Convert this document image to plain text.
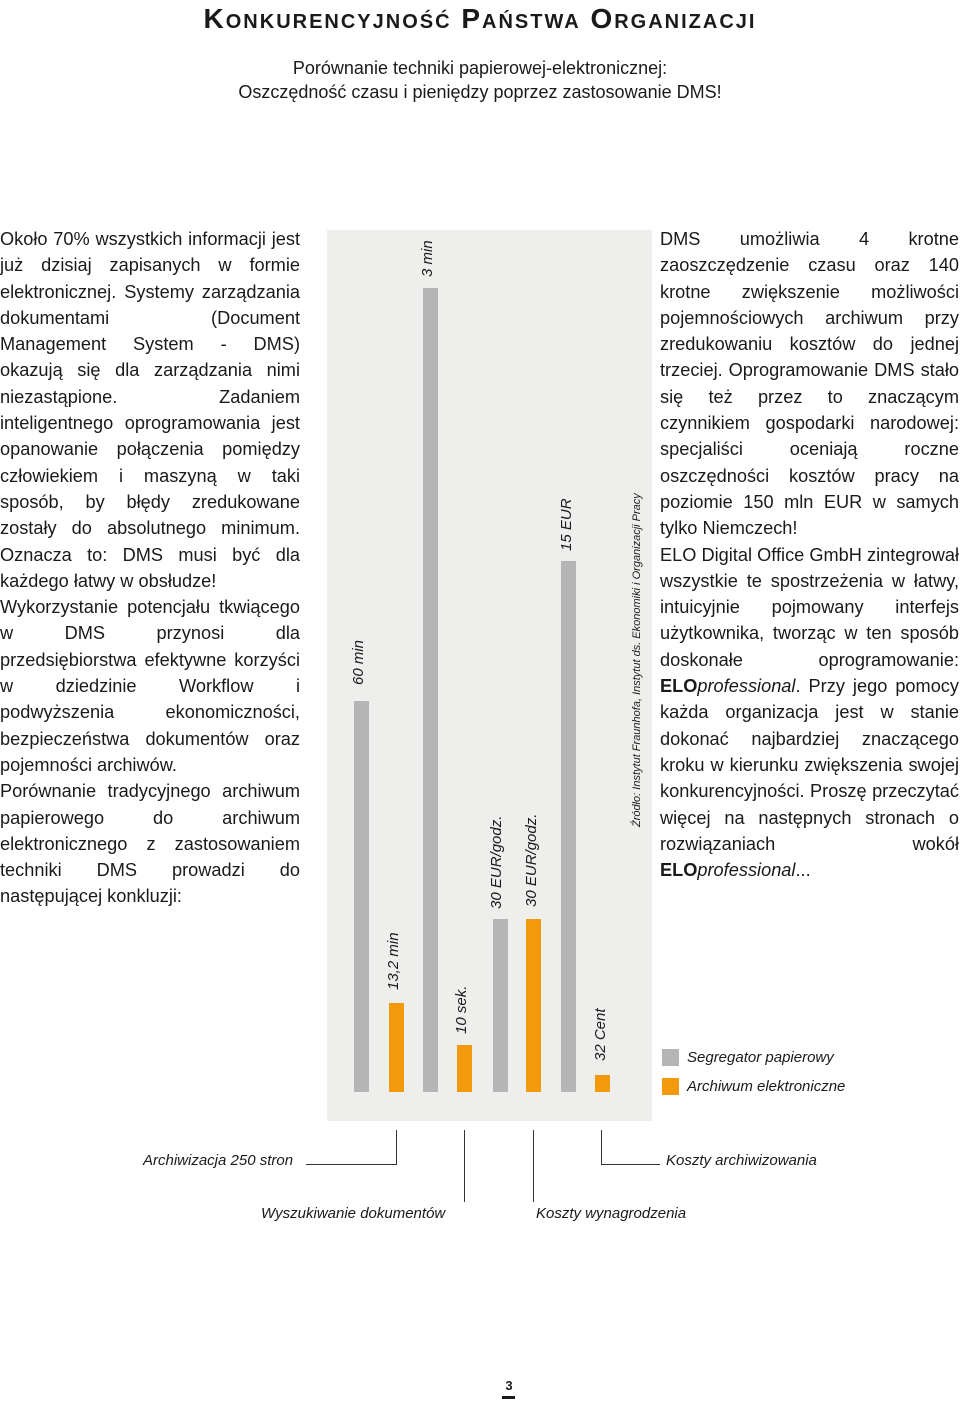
Konkurencyjność Państwa Organizacji
Porównanie techniki papierowej-elektronicznej:
Oszczędność czasu i pieniędzy poprzez zastosowanie DMS!

Około 70% wszystkich informacji jest już dzisiaj zapisanych w formie elektronicznej. Systemy zarządzania dokumentami (Document Management System - DMS) okazują się dla zarządzania nimi niezastąpione. Zadaniem inteligentnego oprogramowania jest opanowanie połączenia pomiędzy człowiekiem i maszyną w taki sposób, by błędy zredukowane zostały do absolutnego minimum. Oznacza to: DMS musi być dla każdego łatwy w obsłudze!

Wykorzystanie potencjału tkwiącego w DMS przynosi dla przedsiębiorstwa efektywne korzyści w dziedzinie Workflow i podwyższenia ekonomiczności, bezpieczeństwa dokumentów oraz pojemności archiwów.

Porównanie tradycyjnego archiwum papierowego do archiwum elektronicznego z zastosowaniem techniki DMS prowadzi do następującej konkluzji:

DMS umożliwia 4 krotne zaoszczędzenie czasu oraz 140 krotne zwiększenie możliwości pojemnościowych archiwum przy zredukowaniu kosztów do jednej trzeciej. Oprogramowanie DMS stało się też przez to znaczącym czynnikiem gospodarki narodowej: specjaliści oceniają roczne oszczędności kosztów pracy na poziomie 150 mln EUR w samych tylko Niemczech!

ELO Digital Office GmbH zintegrował wszystkie te spostrzeżenia w łatwy, intuicyjnie pojmowany interfejs użytkownika, tworząc w ten sposób doskonałe oprogramowanie: ELOprofessional. Przy jego pomocy każda organizacja jest w stanie dokonać najbardziej znaczącego kroku w kierunku zwiększenia swojej konkurencyjności. Proszę przeczytać więcej na następnych stronach o rozwiązaniach wokół ELOprofessional...

60 min
13,2 min
3 min
10 sek.
30 EUR/godz. 30 EUR/godz.
15 EUR
32 Cent
Źródło: Instytut Fraunhofa, Instytut ds. Ekonomiki i Organizacji Pracy
Segregator papierowy
Archiwum elektroniczne
Archiwizacja 250 stron
Wyszukiwanie dokumentów	Koszty wynagrodzenia
Koszty archiwizowania
3
